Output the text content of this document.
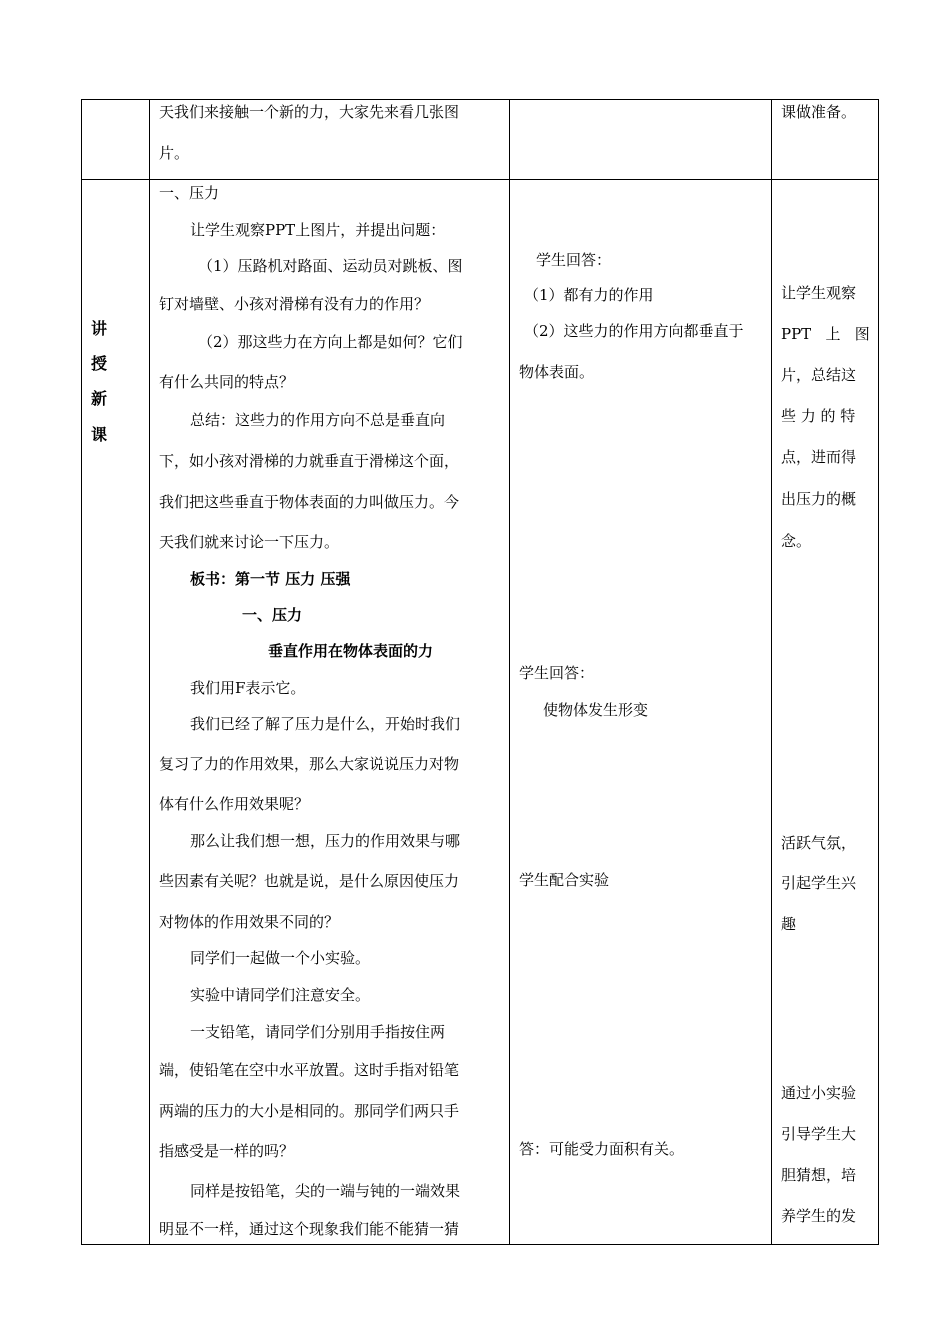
天我们来接触一个新的力，大家先来看几张图
片。
课做准备。
讲
授
新
课
一、压力
让学生观察PPT上图片，并提出问题：
（1）压路机对路面、运动员对跳板、图
钉对墙壁、小孩对滑梯有没有力的作用？
（2）那这些力在方向上都是如何？它们
有什么共同的特点？
总结：这些力的作用方向不总是垂直向
下，如小孩对滑梯的力就垂直于滑梯这个面，
我们把这些垂直于物体表面的力叫做压力。今
天我们就来讨论一下压力。
板书：第一节 压力 压强
一、压力
垂直作用在物体表面的力
我们用F表示它。
我们已经了解了压力是什么，开始时我们
复习了力的作用效果，那么大家说说压力对物
体有什么作用效果呢？
那么让我们想一想，压力的作用效果与哪
些因素有关呢？也就是说，是什么原因使压力
对物体的作用效果不同的？
同学们一起做一个小实验。
实验中请同学们注意安全。
一支铅笔，请同学们分别用手指按住两
端，使铅笔在空中水平放置。这时手指对铅笔
两端的压力的大小是相同的。那同学们两只手
指感受是一样的吗？
同样是按铅笔，尖的一端与钝的一端效果
明显不一样，通过这个现象我们能不能猜一猜
学生回答：
（1）都有力的作用
（2）这些力的作用方向都垂直于
物体表面。
学生回答：
使物体发生形变
学生配合实验
答：可能受力面积有关。
让学生观察
PPT   上   图
片，总结这
些 力 的 特
点，进而得
出压力的概
念。
活跃气氛，
引起学生兴
趣
通过小实验
引导学生大
胆猜想，培
养学生的发
